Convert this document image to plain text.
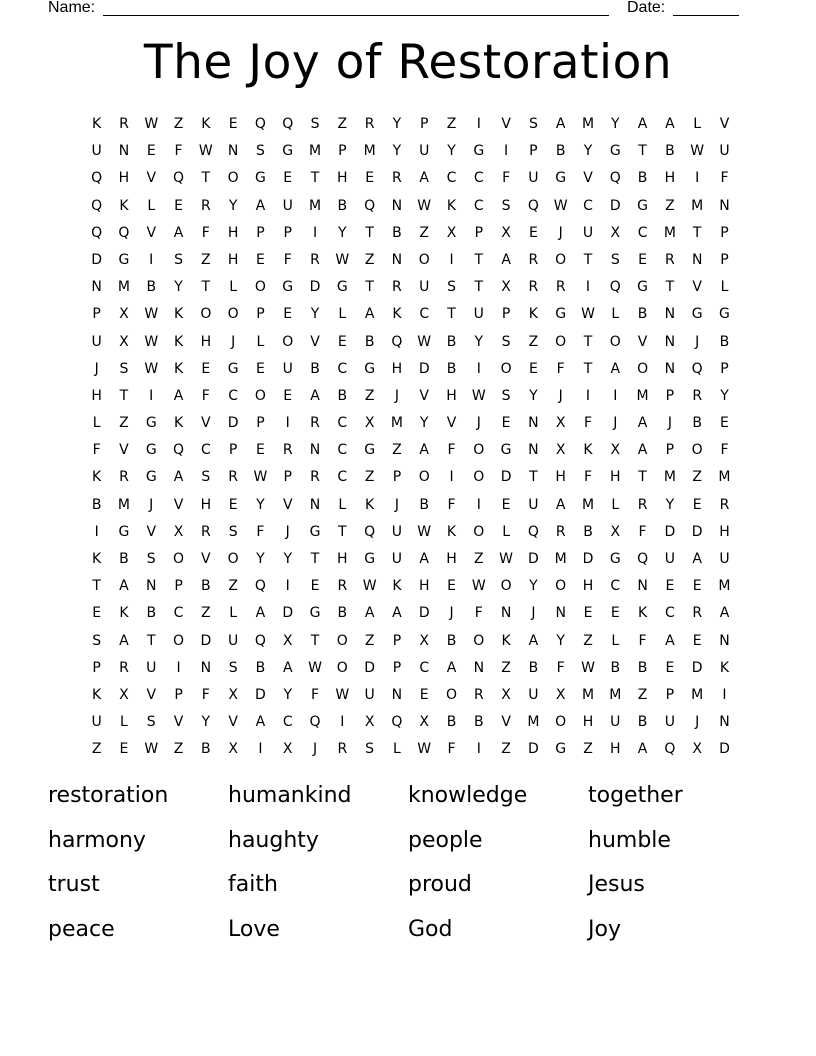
Name:	Date:
The Joy of Restoration
K	R	W	Z	K	E	Q	Q	S	Z	R	Y	P	Z	I	V	S	A	M	Y	A	A	L	V
U	N	E	F	W	N	S	G	M	P	M	Y	U	Y	G	I	P	B	Y	G	T	B	W	U
Q	H	V	Q	T	O	G	E	T	H	E	R	A	C	C	F	U	G	V	Q	B	H	I	F
Q	K	L	E	R	Y	A	U	M	B	Q	N	W	K	C	S	Q	W	C	D	G	Z	M	N
Q	Q	V	A	F	H	P	P	I	Y	T	B	Z	X	P	X	E	J	U	X	C	M	T	P
D	G	I	S	Z	H	E	F	R	W	Z	N	O	I	T	A	R	O	T	S	E	R	N	P
N	M	B	Y	T	L	O	G	D	G	T	R	U	S	T	X	R	R	I	Q	G	T	V	L
P	X	W	K	O	O	P	E	Y	L	A	K	C	T	U	P	K	G	W	L	B	N	G	G
U	X	W	K	H	J	L	O	V	E	B	Q	W	B	Y	S	Z	O	T	O	V	N	J	B
J	S	W	K	E	G	E	U	B	C	G	H	D	B	I	O	E	F	T	A	O	N	Q	P
H	T	I	A	F	C	O	E	A	B	Z	J	V	H	W	S	Y	J	I	I	M	P	R	Y
L	Z	G	K	V	D	P	I	R	C	X	M	Y	V	J	E	N	X	F	J	A	J	B	E
F	V	G	Q	C	P	E	R	N	C	G	Z	A	F	O	G	N	X	K	X	A	P	O	F
K	R	G	A	S	R	W	P	R	C	Z	P	O	I	O	D	T	H	F	H	T	M	Z	M
B	M	J	V	H	E	Y	V	N	L	K	J	B	F	I	E	U	A	M	L	R	Y	E	R
I	G	V	X	R	S	F	J	G	T	Q	U	W	K	O	L	Q	R	B	X	F	D	D	H
K	B	S	O	V	O	Y	Y	T	H	G	U	A	H	Z	W	D	M	D	G	Q	U	A	U
T	A	N	P	B	Z	Q	I	E	R	W	K	H	E	W	O	Y	O	H	C	N	E	E	M
E	K	B	C	Z	L	A	D	G	B	A	A	D	J	F	N	J	N	E	E	K	C	R	A
S	A	T	O	D	U	Q	X	T	O	Z	P	X	B	O	K	A	Y	Z	L	F	A	E	N
P	R	U	I	N	S	B	A	W	O	D	P	C	A	N	Z	B	F	W	B	B	E	D	K
K	X	V	P	F	X	D	Y	F	W	U	N	E	O	R	X	U	X	M	M	Z	P	M	I
U	L	S	V	Y	V	A	C	Q	I	X	Q	X	B	B	V	M	O	H	U	B	U	J	N
Z	E	W	Z	B	X	I	X	J	R	S	L	W	F	I	Z	D	G	Z	H	A	Q	X	D
restoration	humankind	knowledge	together
harmony	haughty	people	humble
trust	faith	proud	Jesus
peace	Love	God	Joy
